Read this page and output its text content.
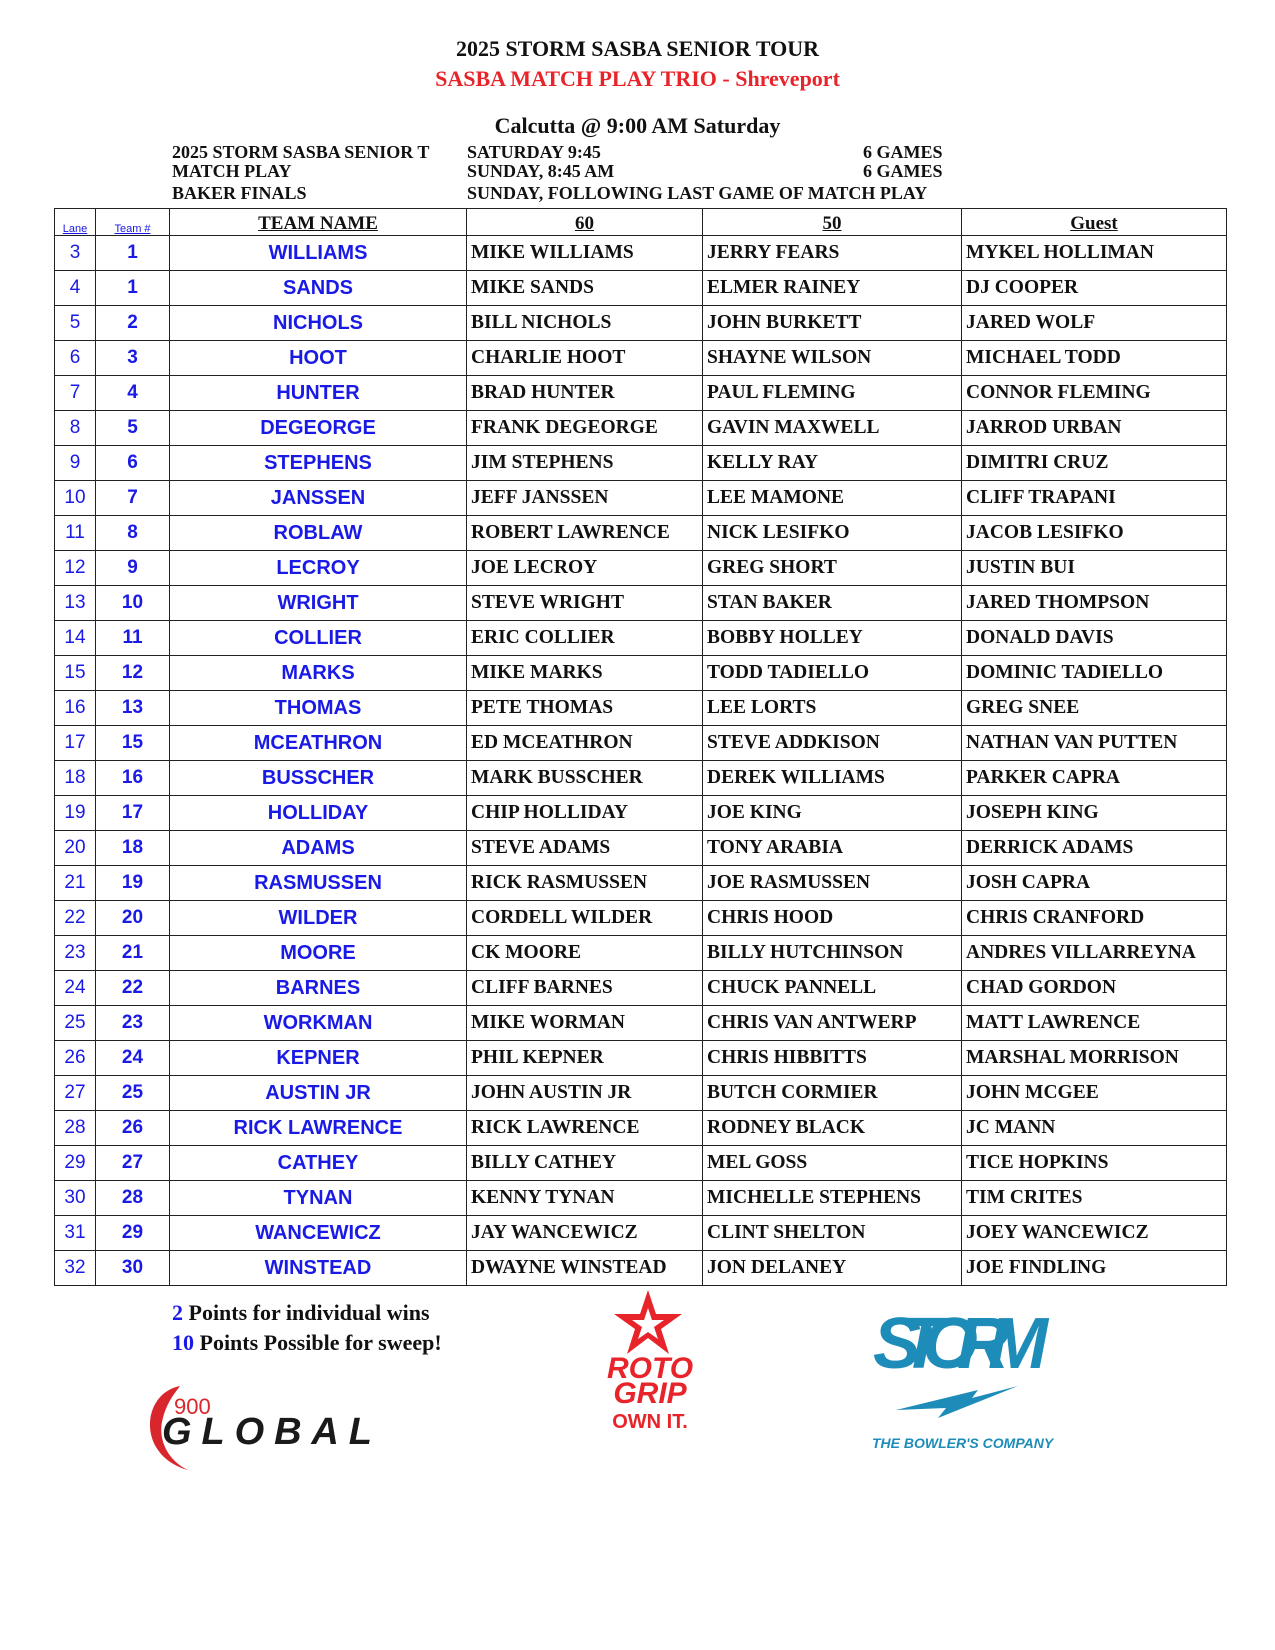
2025 STORM SASBA SENIOR TOUR
SASBA MATCH PLAY TRIO - Shreveport
Calcutta @ 9:00 AM Saturday
2025 STORM SASBA SENIOR T SATURDAY 9:45	6 GAMES
MATCH PLAY	SUNDAY, 8:45 AM	6 GAMES
BAKER FINALS	SUNDAY, FOLLOWING LAST GAME OF MATCH PLAY
Lane	Team #	TEAM NAME	60	50	Guest
3	1	WILLIAMS	MIKE WILLIAMS	JERRY FEARS	MYKEL HOLLIMAN
4	1	SANDS	MIKE SANDS	ELMER RAINEY	DJ COOPER
5	2	NICHOLS	BILL NICHOLS	JOHN BURKETT	JARED WOLF
6	3	HOOT	CHARLIE HOOT	SHAYNE WILSON	MICHAEL TODD
7	4	HUNTER	BRAD HUNTER	PAUL FLEMING	CONNOR FLEMING
8	5	DEGEORGE	FRANK DEGEORGE	GAVIN MAXWELL	JARROD URBAN
9	6	STEPHENS	JIM STEPHENS	KELLY RAY	DIMITRI CRUZ
10	7	JANSSEN	JEFF JANSSEN	LEE MAMONE	CLIFF TRAPANI
11	8	ROBLAW	ROBERT LAWRENCE	NICK LESIFKO	JACOB LESIFKO
12	9	LECROY	JOE LECROY	GREG SHORT	JUSTIN BUI
13	10	WRIGHT	STEVE WRIGHT	STAN BAKER	JARED THOMPSON
14	11	COLLIER	ERIC COLLIER	BOBBY HOLLEY	DONALD DAVIS
15	12	MARKS	MIKE MARKS	TODD TADIELLO	DOMINIC TADIELLO
16	13	THOMAS	PETE THOMAS	LEE LORTS	GREG SNEE
17	15	MCEATHRON	ED MCEATHRON	STEVE ADDKISON	NATHAN VAN PUTTEN
18	16	BUSSCHER	MARK BUSSCHER	DEREK WILLIAMS	PARKER CAPRA
19	17	HOLLIDAY	CHIP HOLLIDAY	JOE KING	JOSEPH KING
20	18	ADAMS	STEVE ADAMS	TONY ARABIA	DERRICK ADAMS
21	19	RASMUSSEN	RICK RASMUSSEN	JOE RASMUSSEN	JOSH CAPRA
22	20	WILDER	CORDELL WILDER	CHRIS HOOD	CHRIS CRANFORD
23	21	MOORE	CK MOORE	BILLY HUTCHINSON	ANDRES VILLARREYNA
24	22	BARNES	CLIFF BARNES	CHUCK PANNELL	CHAD GORDON
25	23	WORKMAN	MIKE WORMAN	CHRIS VAN ANTWERP	MATT LAWRENCE
26	24	KEPNER	PHIL KEPNER	CHRIS HIBBITTS	MARSHAL MORRISON
27	25	AUSTIN JR	JOHN AUSTIN JR	BUTCH CORMIER	JOHN MCGEE
28	26	RICK LAWRENCE	RICK LAWRENCE	RODNEY BLACK	JC MANN
29	27	CATHEY	BILLY CATHEY	MEL GOSS	TICE HOPKINS
30	28	TYNAN	KENNY TYNAN	MICHELLE STEPHENS	TIM CRITES
31	29	WANCEWICZ	JAY WANCEWICZ	CLINT SHELTON	JOEY WANCEWICZ
32	30	WINSTEAD	DWAYNE WINSTEAD	JON DELANEY	JOE FINDLING
2 Points for individual wins
10 Points Possible for sweep!
900
GLOBAL
ROTO
GRIP
OWN IT.
STORM
THE BOWLER'S COMPANY
